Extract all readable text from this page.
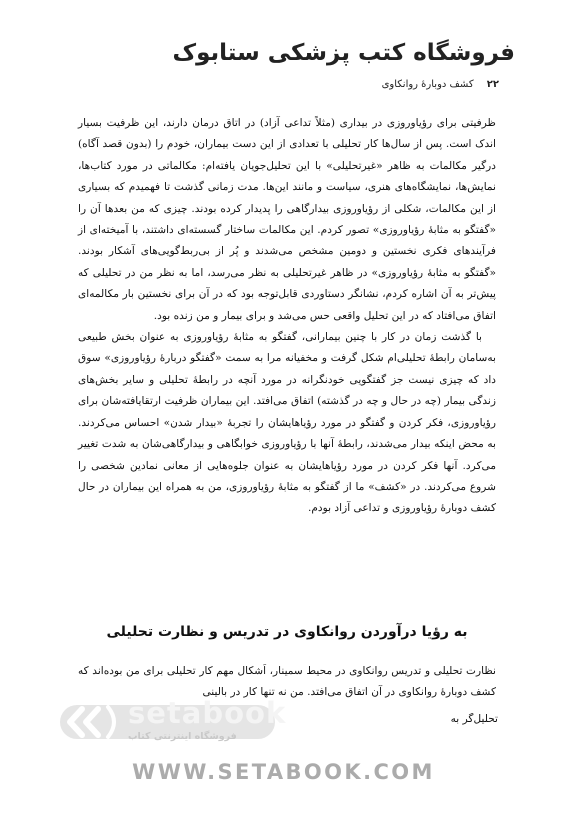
فروشگاه کتب پزشکی ستابوک
۲۲ کشف دوبارهٔ روانکاوی

ظرفیتی برای رؤیاوروزی در بیداری (مثلاً تداعی آزاد) در اتاق درمان دارند، این ظرفیت بسیار اندک است. پس از سال‌ها کار تحلیلی با تعدادی از این دست بیماران، خودم را (بدون قصد آگاه) درگیر مکالمات به ظاهر «غیرتحلیلی» با این تحلیل‌جویان یافته‌ام: مکالماتی در مورد کتاب‌ها، نمایش‌ها، نمایشگاه‌های هنری، سیاست و مانند این‌ها. مدت زمانی گذشت تا فهمیدم که بسیاری از این مکالمات، شکلی از رؤیاوروزی بیدارگاهی را پدیدار کرده بودند. چیزی که من بعدها آن را «گفتگو به مثابهٔ رؤیاوروزی» تصور کردم. این مکالمات ساختار گسسته‌ای داشتند، با آمیخته‌ای از فرآیندهای فکری نخستین و دومین مشخص می‌شدند و پُر از بی‌ربط‌گویی‌های آشکار بودند. «گفتگو به مثابهٔ رؤیاوروزی» در ظاهر غیرتحلیلی به نظر می‌رسد، اما به نظر من در تحلیلی که پیش‌تر به آن اشاره کردم، نشانگر دستاوردی قابل‌توجه بود که در آن برای نخستین بار مکالمه‌ای اتفاق می‌افتاد که در این تحلیل واقعی حس می‌شد و برای بیمار و من زنده بود.

با گذشت زمان در کار با چنین بیمارانی، گفتگو به مثابهٔ رؤیاوروزی به عنوان بخش طبیعی به‌سامان رابطهٔ تحلیلی‌ام شکل گرفت و مخفیانه مرا به سمت «گفتگو دربارهٔ رؤیاوروزی» سوق داد که چیزی نیست جز گفتگویی خودنگرانه در مورد آنچه در رابطهٔ تحلیلی و سایر بخش‌های زندگی بیمار (چه در حال و چه در گذشته) اتفاق می‌افتد. این بیماران ظرفیت ارتقایافته‌شان برای رؤیاوروزی، فکر کردن و گفتگو در مورد رؤیاهایشان را تجربهٔ «بیدار شدن» احساس می‌کردند. به محض اینکه بیدار می‌شدند، رابطهٔ آنها با رؤیاوروزی خوابگاهی و بیدارگاهی‌شان به شدت تغییر می‌کرد. آنها فکر کردن در مورد رؤیاهایشان به عنوان جلوه‌هایی از معانی نمادین شخصی را شروع می‌کردند. در «کشف» ما از گفتگو به مثابهٔ رؤیاوروزی، من به همراه این بیماران در حال کشف دوبارهٔ رؤیاوروزی و تداعی آزاد بودم.

به رؤیا درآوردن روانکاوی در تدریس و نظارت تحلیلی

نظارت تحلیلی و تدریس روانکاوی در محیط سمینار، اَشکال مهم کار تحلیلی برای من بوده‌اند که کشف دوبارهٔ روانکاوی در آن اتفاق می‌افتد. من نه تنها کار در بالینی

تحلیل‌گر به
setabook
فروشگاه اینترنتی کتاب
WWW.SETABOOK.COM
